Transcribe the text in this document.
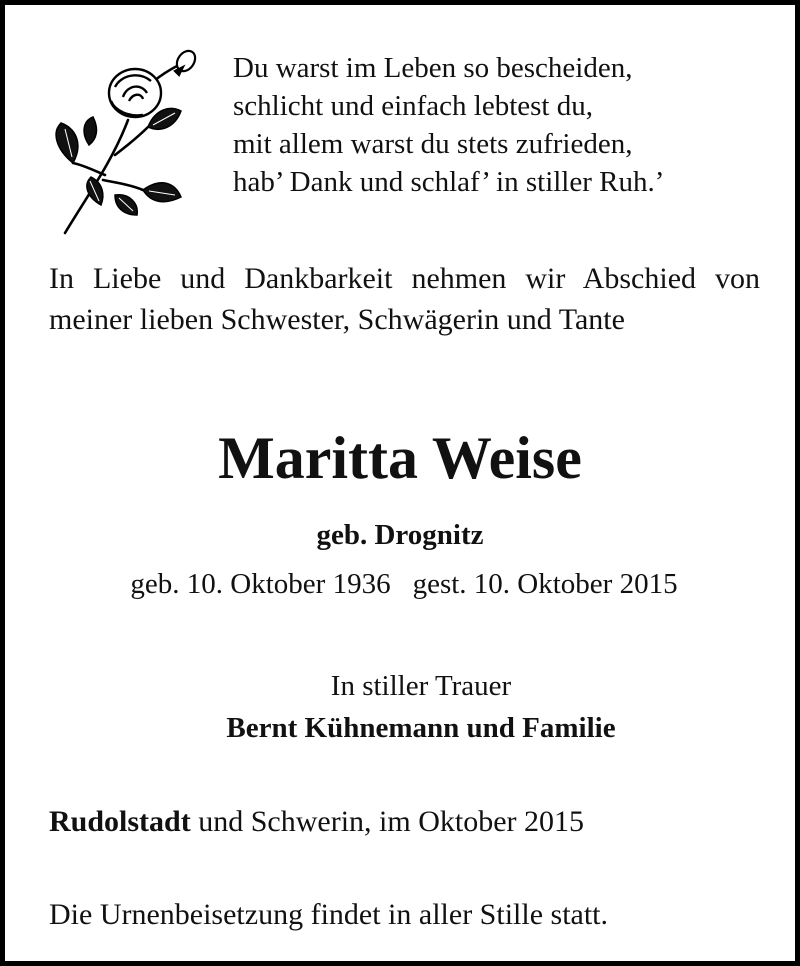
Du warst im Leben so bescheiden,
schlicht und einfach lebtest du,
mit allem warst du stets zufrieden,
hab’ Dank und schlaf’ in stiller Ruh.’

In Liebe und Dankbarkeit nehmen wir Abschied von meiner lieben Schwester, Schwägerin und Tante

Maritta Weise
geb. Drognitz
geb. 10. Oktober 1936 gest. 10. Oktober 2015
In stiller Trauer
Bernt Kühnemann und Familie
Rudolstadt und Schwerin, im Oktober 2015
Die Urnenbeisetzung findet in aller Stille statt.
